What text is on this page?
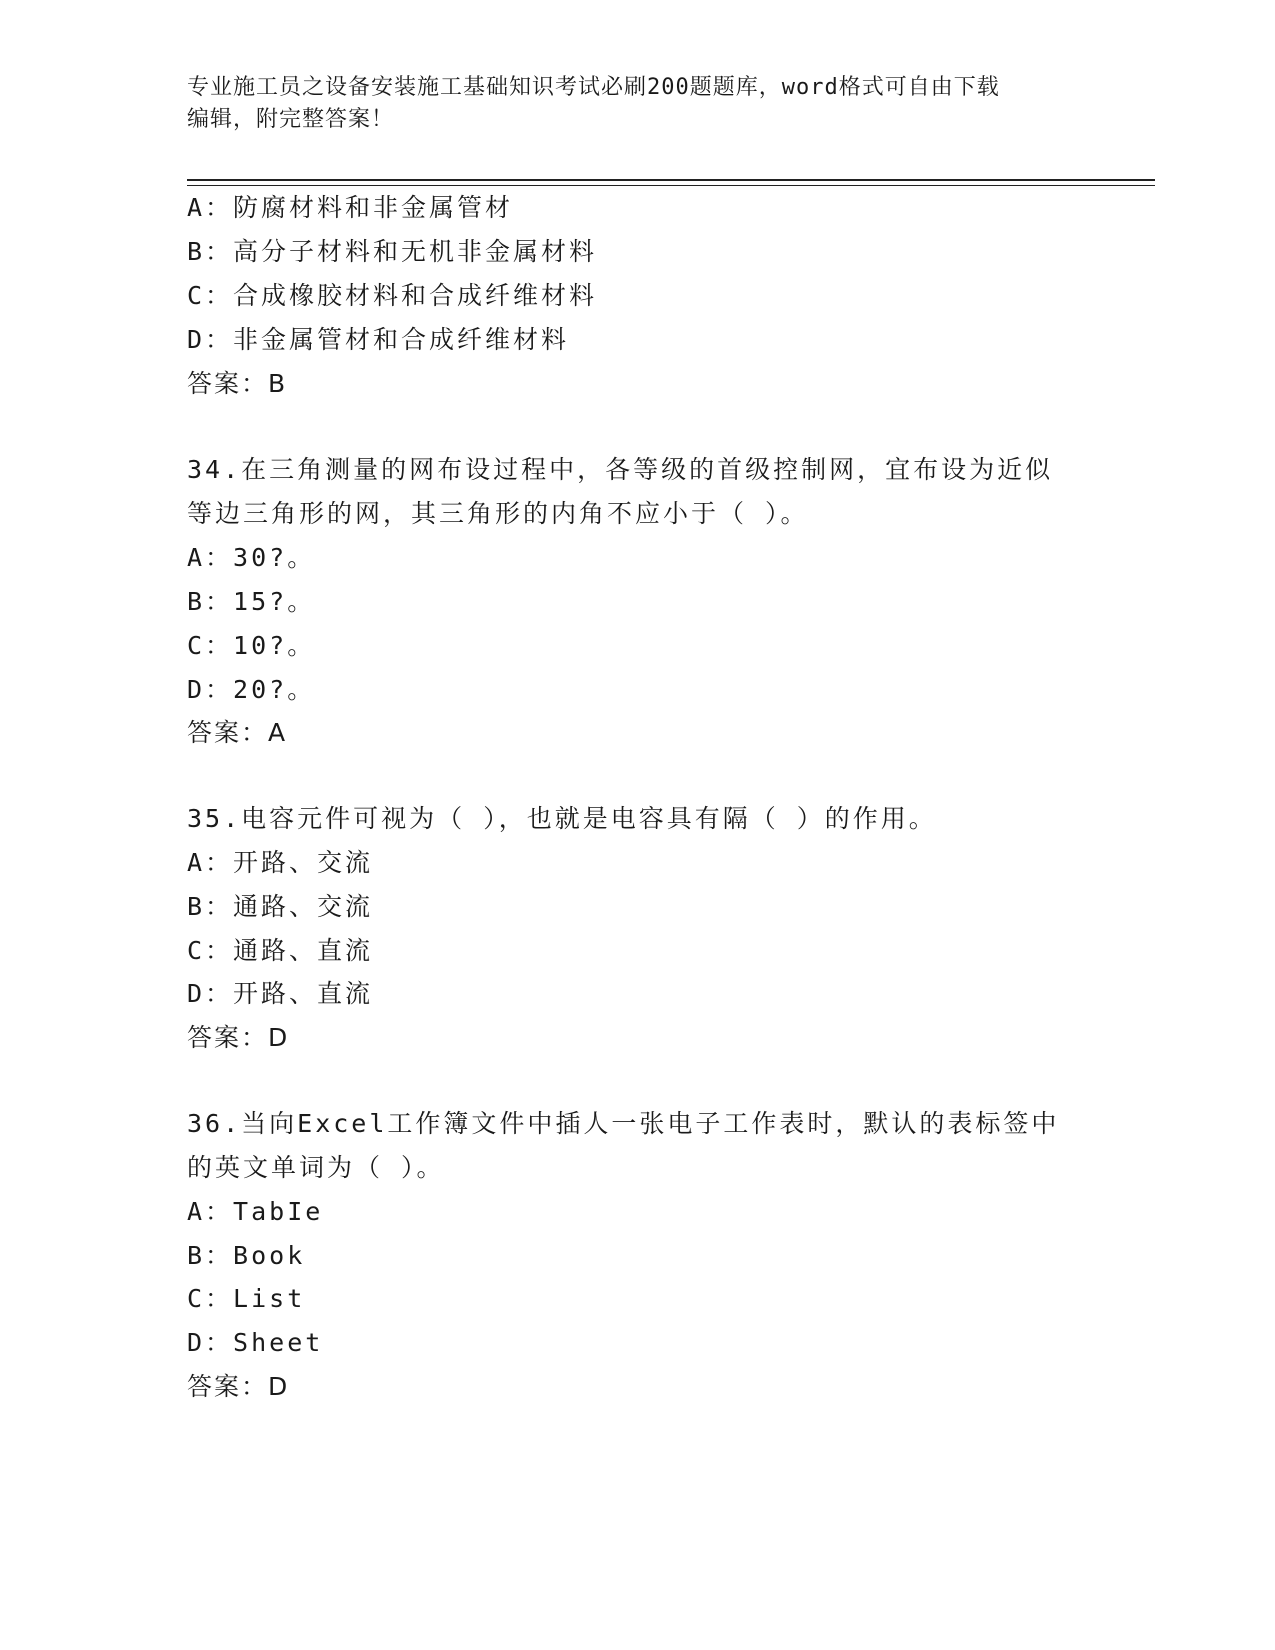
专业施工员之设备安装施工基础知识考试必刷200题题库，word格式可自由下载
编辑，附完整答案！
A：防腐材料和非金属管材
B：高分子材料和无机非金属材料
C：合成橡胶材料和合成纤维材料
D：非金属管材和合成纤维材料
答案：B
34.在三角测量的网布设过程中，各等级的首级控制网，宜布设为近似
等边三角形的网，其三角形的内角不应小于（ ）。
A：30?。
B：15?。
C：10?。
D：20?。
答案：A
35.电容元件可视为（ ），也就是电容具有隔（ ）的作用。
A：开路、交流
B：通路、交流
C：通路、直流
D：开路、直流
答案：D
36.当向Excel工作簿文件中插人一张电子工作表时，默认的表标签中
的英文单词为（ ）。
A：TabIe
B：Book
C：List
D：Sheet
答案：D
